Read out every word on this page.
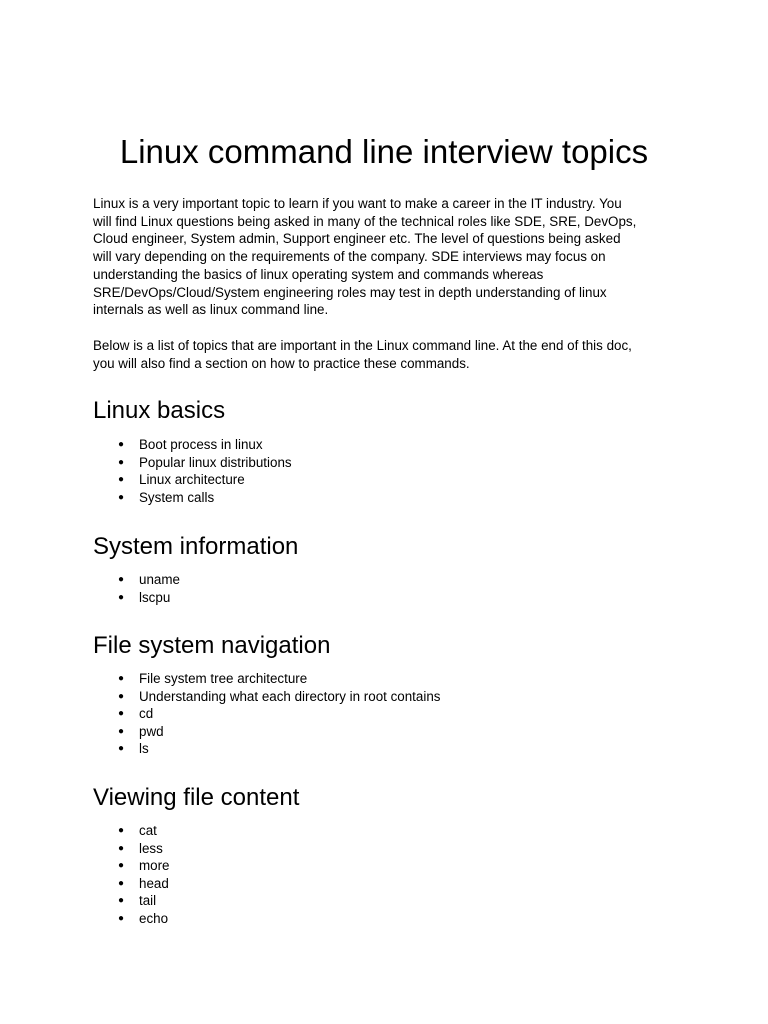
Linux command line interview topics

Linux is a very important topic to learn if you want to make a career in the IT industry. You
will find Linux questions being asked in many of the technical roles like SDE, SRE, DevOps,
Cloud engineer, System admin, Support engineer etc. The level of questions being asked
will vary depending on the requirements of the company. SDE interviews may focus on
understanding the basics of linux operating system and commands whereas
SRE/DevOps/Cloud/System engineering roles may test in depth understanding of linux
internals as well as linux command line.

Below is a list of topics that are important in the Linux command line. At the end of this doc,
you will also find a section on how to practice these commands.

Linux basics
● Boot process in linux
● Popular linux distributions
● Linux architecture
● System calls
System information
● uname
● lscpu
File system navigation
● File system tree architecture
● Understanding what each directory in root contains
● cd
● pwd
● ls
Viewing file content
● cat
● less
● more
● head
● tail
● echo
